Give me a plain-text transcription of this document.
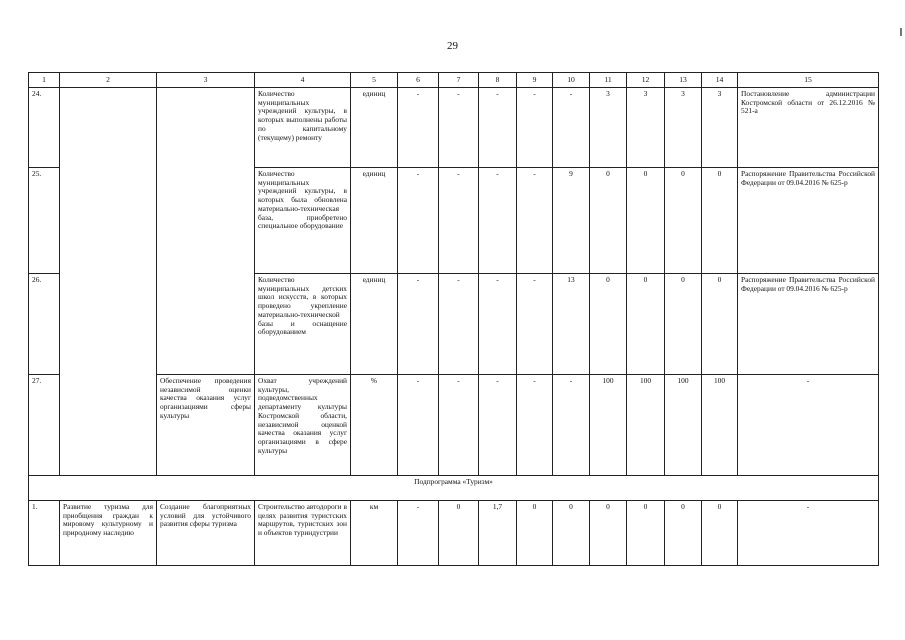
29
1	2	3	4	5	6	7	8	9	10	11	12	13	14	15
24.			Количество муниципальных учреждений культуры, в которых выполнены работы по капитальному (текущему) ремонту	единиц	-	-	-	-	-	3	3	3	3	Постановление администрации Костромской области от 26.12.2016 № 521-а
25.			Количество муниципальных учреждений культуры, в которых была обновлена материально-техническая база, приобретено специальное оборудование	единиц	-	-	-	-	9	0	0	0	0	Распоряжение Правительства Российской Федерации от 09.04.2016 № 625-р
26.			Количество муниципальных детских школ искусств, в которых проведено укрепление материально-технической базы и оснащение оборудованием	единиц	-	-	-	-	13	0	0	0	0	Распоряжение Правительства Российской Федерации от 09.04.2016 № 625-р
27.		Обеспечение проведения независимой оценки качества оказания услуг организациями сферы культуры	Охват учреждений культуры, подведомственных департаменту культуры Костромской области, независимой оценкой качества оказания услуг организациями в сфере культуры	%	-	-	-	-	-	100	100	100	100	-
Подпрограмма «Туризм»														
1.	Развитие туризма для приобщения граждан к мировому культурному и природному наследию	Создание благоприятных условий для устойчивого развития сферы туризма	Строительство автодороги в целях развития туристских маршрутов, туристских зон и объектов туриндустрии	км	-	0	1,7	0	0	0	0	0	0	-
